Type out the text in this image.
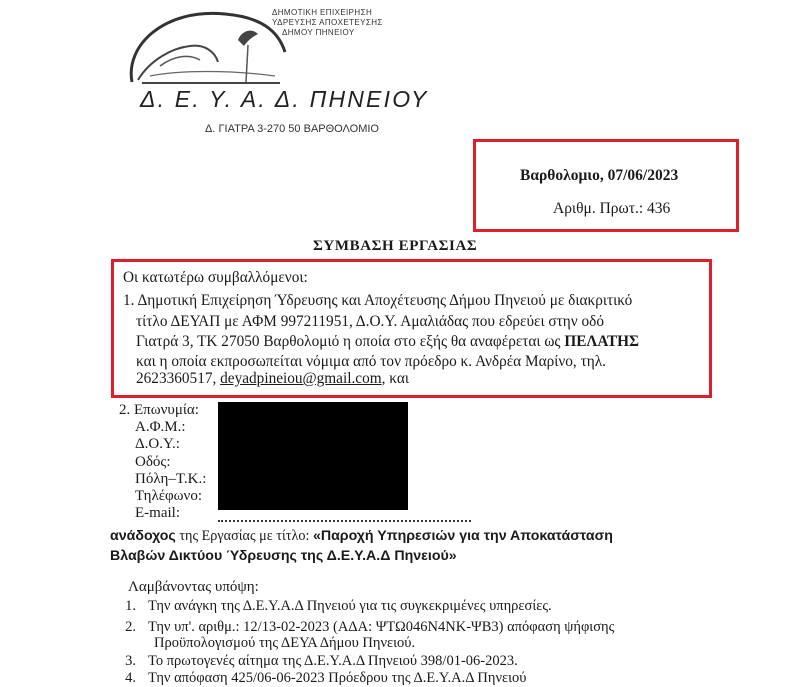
ΔΗΜΟΤΙΚΗ ΕΠΙΧΕΙΡΗΣΗ
ΥΔΡΕΥΣΗΣ ΑΠΟΧΕΤΕΥΣΗΣ
ΔΗΜΟΥ ΠΗΝΕΙΟΥ
Δ. Ε. Υ. Α. Δ. ΠΗΝΕΙΟΥ
Δ. ΓΙΑΤΡΑ 3-270 50 ΒΑΡΘΟΛΟΜΙΟ
Βαρθολομιο, 07/06/2023
Αριθμ. Πρωτ.: 436
ΣΥΜΒΑΣΗ ΕΡΓΑΣΙΑΣ
Οι κατωτέρω συμβαλλόμενοι:
1. Δημοτική Επιχείρηση Ύδρευσης και Αποχέτευσης Δήμου Πηνειού με διακριτικό
τίτλο ΔΕΥΑΠ με ΑΦΜ 997211951, Δ.Ο.Υ. Αμαλιάδας που εδρεύει στην οδό
Γιατρά 3, ΤΚ 27050 Βαρθολομιό η οποία στο εξής θα αναφέρεται ως ΠΕΛΑΤΗΣ
και η οποία εκπροσωπείται νόμιμα από τον πρόεδρο κ. Ανδρέα Μαρίνο, τηλ.
2623360517, deyadpineiou@gmail.com, και
2. Επωνυμία:
Α.Φ.Μ.:
Δ.Ο.Υ.:
Οδός:
Πόλη–Τ.Κ.:
Τηλέφωνο:
E-mail:
ανάδοχος της Εργασίας με τίτλο: «Παροχή Υπηρεσιών για την Αποκατάσταση
Βλαβών Δικτύου Ύδρευσης της Δ.Ε.Υ.Α.Δ Πηνειού»
Λαμβάνοντας υπόψη:
1. Την ανάγκη της Δ.Ε.Υ.Α.Δ Πηνειού για τις συγκεκριμένες υπηρεσίες.
2. Την υπ'. αριθμ.: 12/13-02-2023 (ΑΔΑ: ΨΤΩ046Ν4ΝΚ-ΨΒ3) απόφαση ψήφισης
Προϋπολογισμού της ΔΕΥΑ Δήμου Πηνειού.
3. Το πρωτογενές αίτημα της Δ.Ε.Υ.Α.Δ Πηνειού 398/01-06-2023.
4. Την απόφαση 425/06-06-2023 Πρόεδρου της Δ.Ε.Υ.Α.Δ Πηνειού
